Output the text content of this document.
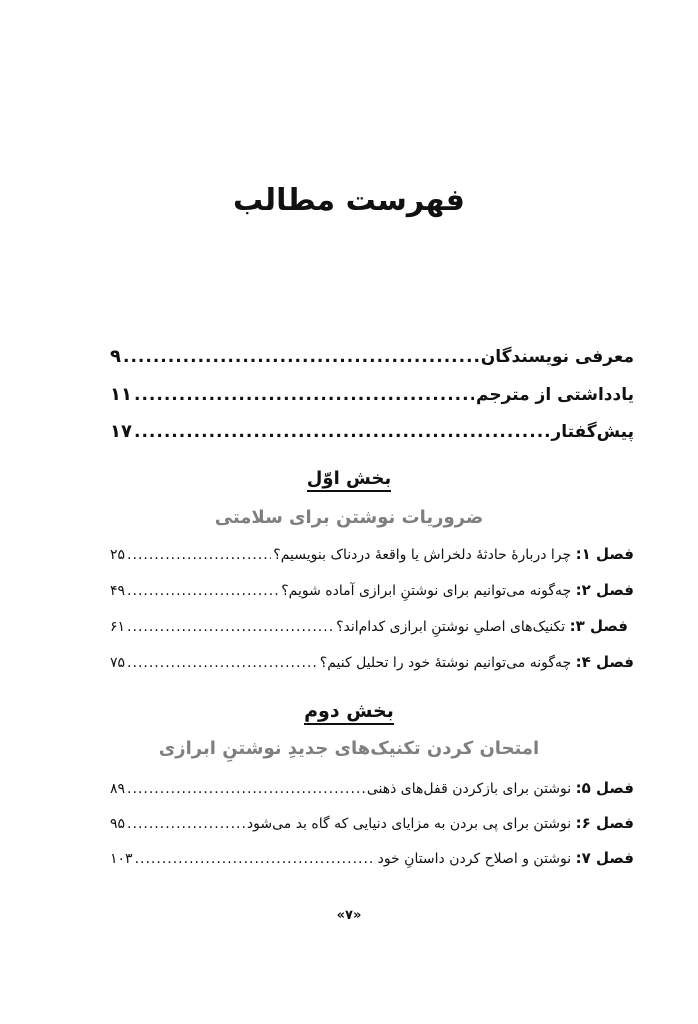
فهرست مطالب
معرفی نویسندگان
.....
۹
یادداشتی از مترجم
.....
۱۱
پیش‌گفتار
.....
۱۷
بخش اوّل
ضروریات نوشتن برای سلامتی
فصل ۱: چرا دربارهٔ حادثهٔ دلخراش یا واقعهٔ دردناک بنویسیم؟
.....
۲۵
فصل ۲: چه‌گونه می‌توانیم برای نوشتنِ ابرازی آماده شویم؟
.....
۴۹
فصل ۳: تکنیک‌های اصلیِ نوشتنِ ابرازی کدام‌اند؟
.....
۶۱
فصل ۴: چه‌گونه می‌توانیم نوشتهٔ خود را تحلیل کنیم؟
.....
۷۵
بخش دوم
امتحان کردن تکنیک‌های جدیدِ نوشتنِ ابرازی
فصل ۵: نوشتن برای بازکردن قفل‌های ذهنی
.....
۸۹
فصل ۶: نوشتن برای پی بردن به مزایای دنیایی که گاه بد می‌شود
.....
۹۵
فصل ۷: نوشتن و اصلاح کردن داستانِ خود
.....
۱۰۳
«۷»
